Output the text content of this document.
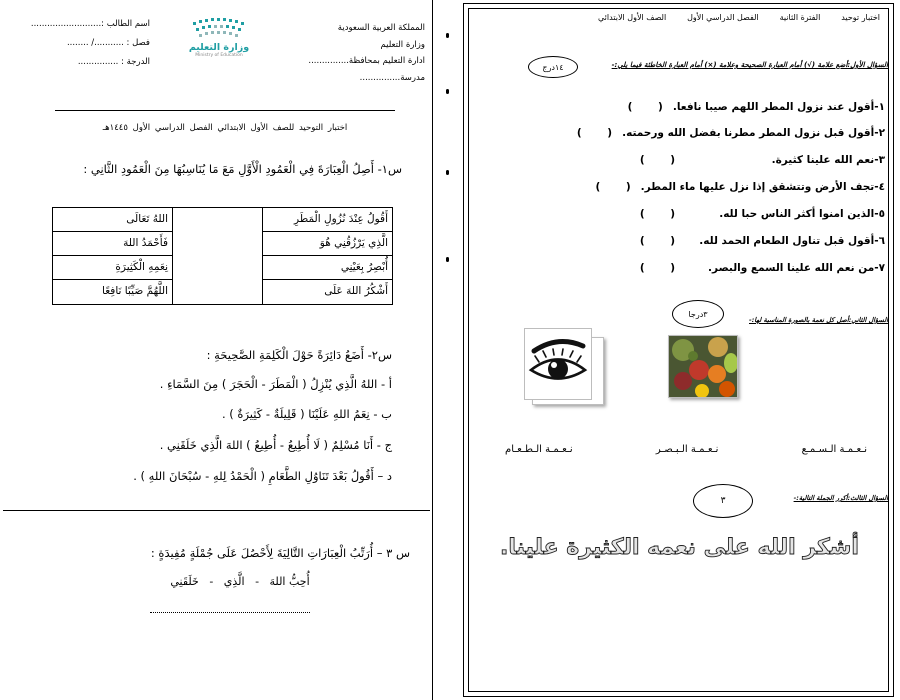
المملكة العربية السعودية
وزارة التعليم
ادارة التعليم بمحافظة...............
مدرسة...............
وزارة التعليم
Ministry of Education
اسم الطالب :..........................
فصل : .........../ ........
الدرجة : ...............
اختبار التوحيد للصف الأول الابتدائي الفصل الدراسي الأول ١٤٤٥هـ
س١- أَصِلُ الْعِبَارَةَ فِي الْعَمُودِ الْأَوَّلِ مَعَ مَا يُنَاسِبُهَا مِنَ الْعَمُودِ الثَّانِي :
اللهُ تَعَالَى
فَأَحْمَدُ اللهَ
نِعَمِهِ الْكَثِيرَةِ
اللَّهُمَّ صَيِّبًا نَافِعًا
أَقُولُ عِنْدَ نُزُولِ الْمَطَرِ
الَّذِي يَرْزُقُنِي هُوَ
أُبْصِرُ بِعَيْنِي
أَشْكُرُ اللهَ عَلَى
س٢- أَضَعُ دَائِرَةً حَوْلَ الْكَلِمَةِ الصَّحِيحَةِ :
أ - اللهُ الَّذِي يُنْزِلُ ( الْمَطَرَ - الْحَجَرَ ) مِنَ السَّمَاءِ .
ب - نِعَمُ اللهِ عَلَيْنَا ( قَلِيلَةٌ - كَثِيرَةٌ ) .
ج - أَنَا مُسْلِمٌ ( لَا أُطِيعُ - أُطِيعُ ) اللهَ الَّذِي خَلَقَنِي .
د – أَقُولُ بَعْدَ تَنَاوُلِ الطَّعَامِ ( الْحَمْدُ لِلهِ - سُبْحَانَ اللهِ ) .
س ٣ – أُرَتِّبُ الْعِبَارَاتِ التَّالِيَةَ لِأَحْصُلَ عَلَى جُمْلَةٍ مُفِيدَةٍ :
أُحِبُّ اللهَ   -   الَّذِي   -   خَلَقَنِي
اختبار توحيد
الفترة الثانية
الفصل الدراسي الأول
الصف الأول الابتدائي
١٤درج	السؤال الأول:أضع علامة (√) أمام العبارة الصحيحة وعلامة (×) أمام العبارة الخاطئة فيما يلي:-
١-أقول عند نزول المطر اللهم صيبا نافعا.
(       )
٢-أقول قبل نزول المطر مطرنا بفضل الله ورحمته.
(       )
٣-نعم الله علينا كثيرة.
(       )
٤-تجف الأرض وتتشقق إذا نزل عليها ماء المطر.
(       )
٥-الذين امنوا أكثر الناس حبا لله.
(       )
٦-أقول قبل تناول الطعام الحمد لله.
(       )
٧-من نعم الله علينا السمع والبصر.
(       )
٣درجا
السؤال الثاني:أصل كل نعمة بالصورة المناسبة لها:-
نـعـمـة الـسـمـع
نـعـمـة الـبـصـر
نـعـمـة الـطـعـام
٣	السؤال الثالث:أكرر الجملة التالية:-
أشكر الله على نعمه الكثيرة علينا.
